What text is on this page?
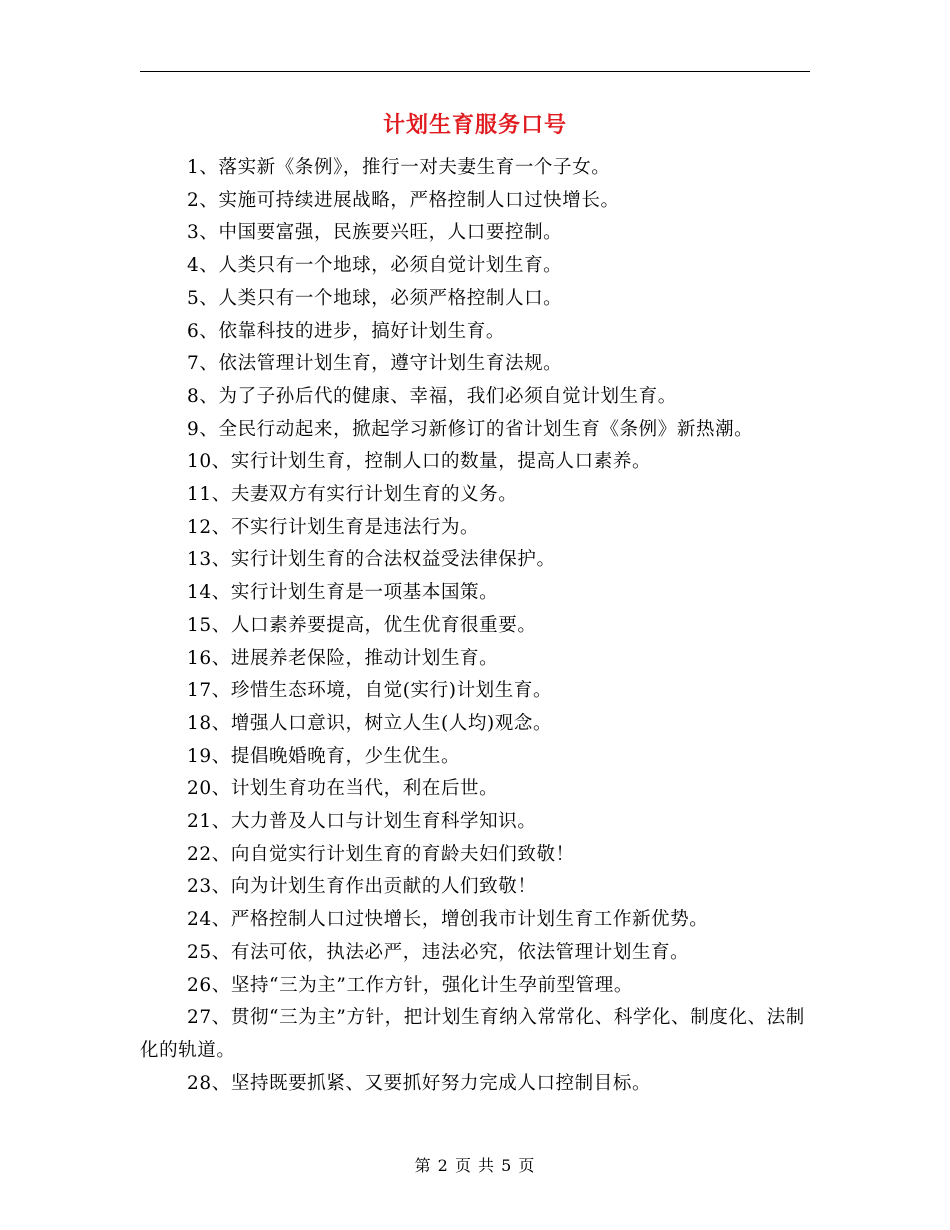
计划生育服务口号
1、落实新《条例》，推行一对夫妻生育一个子女。
2、实施可持续进展战略，严格控制人口过快增长。
3、中国要富强，民族要兴旺，人口要控制。
4、人类只有一个地球，必须自觉计划生育。
5、人类只有一个地球，必须严格控制人口。
6、依靠科技的进步，搞好计划生育。
7、依法管理计划生育，遵守计划生育法规。
8、为了子孙后代的健康、幸福，我们必须自觉计划生育。
9、全民行动起来，掀起学习新修订的省计划生育《条例》新热潮。
10、实行计划生育，控制人口的数量，提高人口素养。
11、夫妻双方有实行计划生育的义务。
12、不实行计划生育是违法行为。
13、实行计划生育的合法权益受法律保护。
14、实行计划生育是一项基本国策。
15、人口素养要提高，优生优育很重要。
16、进展养老保险，推动计划生育。
17、珍惜生态环境，自觉(实行)计划生育。
18、增强人口意识，树立人生(人均)观念。
19、提倡晚婚晚育，少生优生。
20、计划生育功在当代，利在后世。
21、大力普及人口与计划生育科学知识。
22、向自觉实行计划生育的育龄夫妇们致敬！
23、向为计划生育作出贡献的人们致敬！
24、严格控制人口过快增长，增创我市计划生育工作新优势。
25、有法可依，执法必严，违法必究，依法管理计划生育。
26、坚持“三为主”工作方针，强化计生孕前型管理。
27、贯彻“三为主”方针，把计划生育纳入常常化、科学化、制度化、法制化的轨道。
28、坚持既要抓紧、又要抓好努力完成人口控制目标。
第 2 页 共 5 页
